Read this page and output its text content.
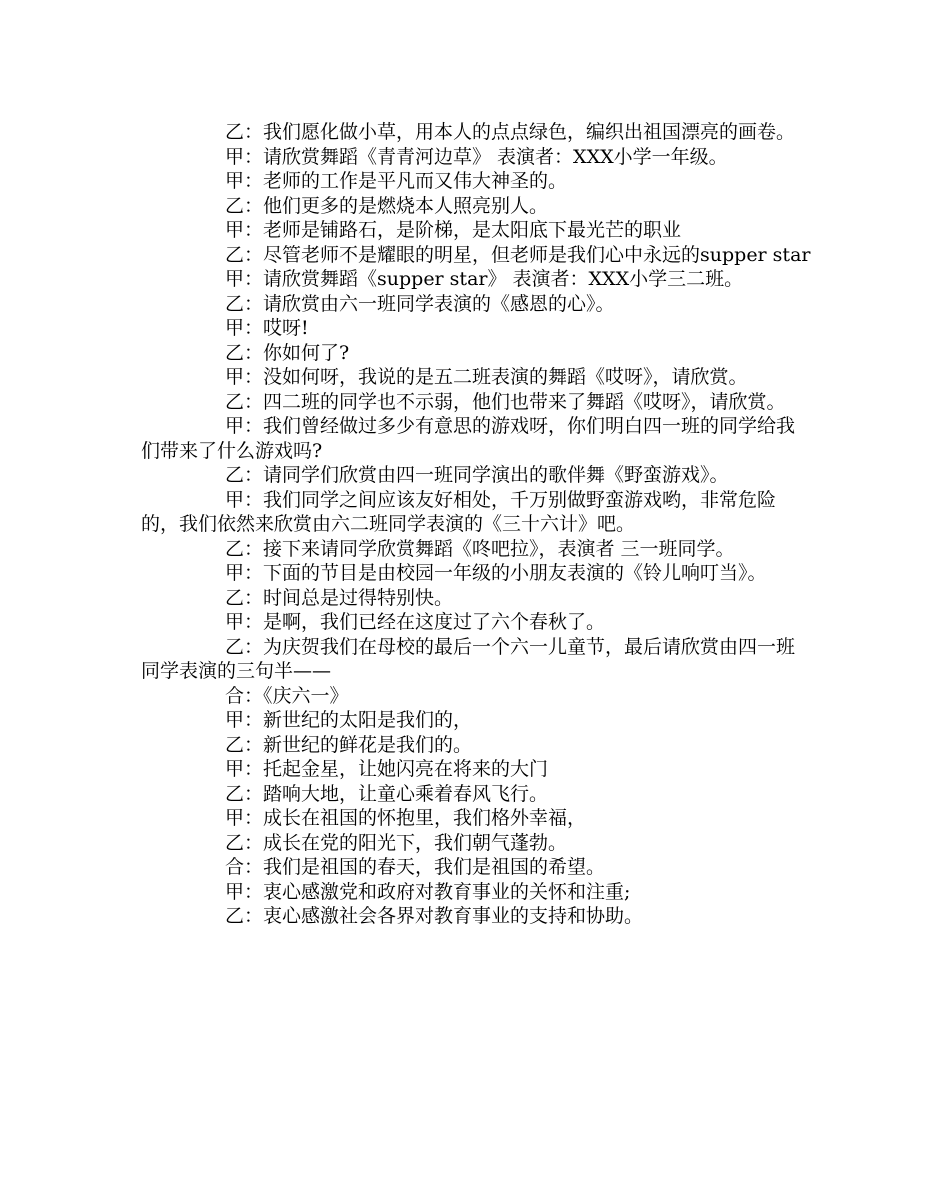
乙：我们愿化做小草，用本人的点点绿色，编织出祖国漂亮的画卷。

甲：请欣赏舞蹈《青青河边草》 表演者：XXX小学一年级。

甲：老师的工作是平凡而又伟大神圣的。

乙：他们更多的是燃烧本人照亮别人。

甲：老师是铺路石，是阶梯，是太阳底下最光芒的职业

乙：尽管老师不是耀眼的明星，但老师是我们心中永远的supper star

甲：请欣赏舞蹈《supper star》 表演者：XXX小学三二班。

乙：请欣赏由六一班同学表演的《感恩的心》。

甲：哎呀!

乙：你如何了?

甲：没如何呀，我说的是五二班表演的舞蹈《哎呀》，请欣赏。

乙：四二班的同学也不示弱，他们也带来了舞蹈《哎呀》，请欣赏。

甲：我们曾经做过多少有意思的游戏呀，你们明白四一班的同学给我们带来了什么游戏吗?

乙：请同学们欣赏由四一班同学演出的歌伴舞《野蛮游戏》。

甲：我们同学之间应该友好相处，千万别做野蛮游戏哟，非常危险的，我们依然来欣赏由六二班同学表演的《三十六计》吧。

乙：接下来请同学欣赏舞蹈《咚吧拉》，表演者 三一班同学。

甲：下面的节目是由校园一年级的小朋友表演的《铃儿响叮当》。

乙：时间总是过得特别快。

甲：是啊，我们已经在这度过了六个春秋了。

乙：为庆贺我们在母校的最后一个六一儿童节，最后请欣赏由四一班同学表演的三句半——

合：《庆六一》

甲：新世纪的太阳是我们的，

乙：新世纪的鲜花是我们的。

甲：托起金星，让她闪亮在将来的大门

乙：踏响大地，让童心乘着春风飞行。

甲：成长在祖国的怀抱里，我们格外幸福，

乙：成长在党的阳光下，我们朝气蓬勃。

合：我们是祖国的春天，我们是祖国的希望。

甲：衷心感激党和政府对教育事业的关怀和注重;

乙：衷心感激社会各界对教育事业的支持和协助。
